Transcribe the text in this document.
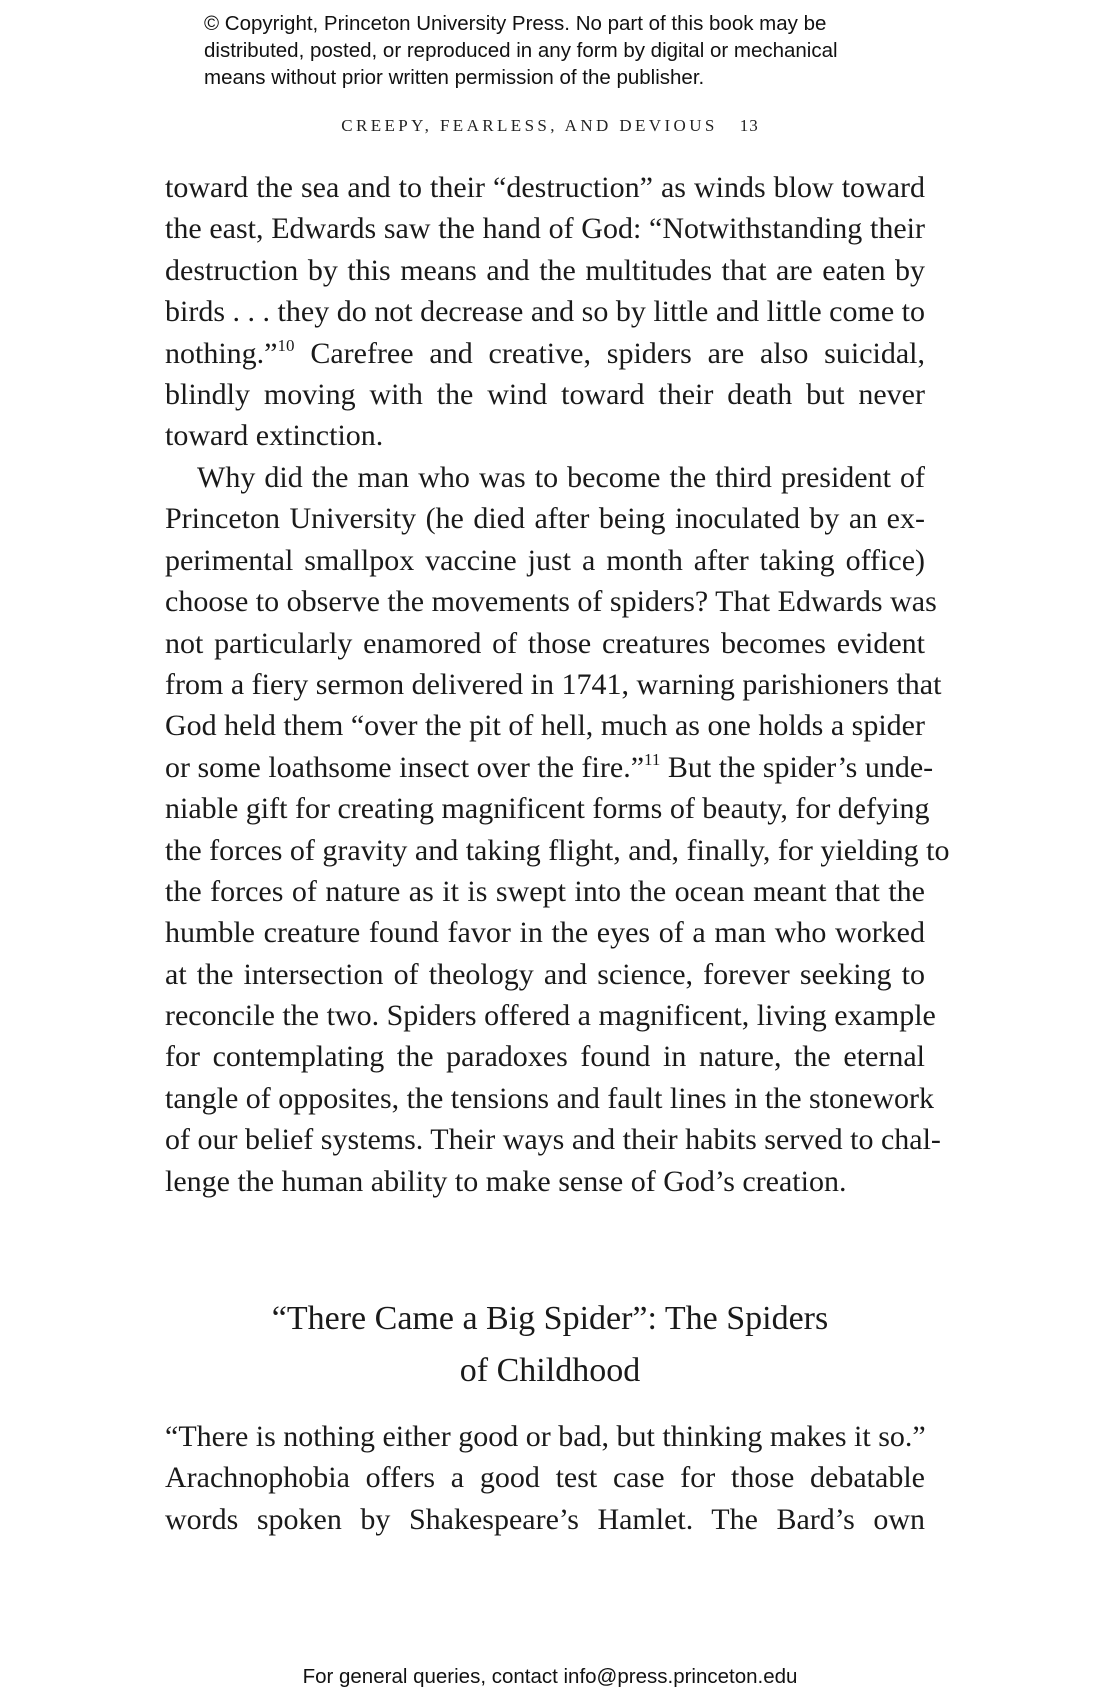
© Copyright, Princeton University Press. No part of this book may be
distributed, posted, or reproduced in any form by digital or mechanical
means without prior written permission of the publisher.
CREEPY, FEARLESS, AND DEVIOUS 13
toward the sea and to their “destruction” as winds blow toward
the east, Edwards saw the hand of God: “Notwithstanding their
destruction by this means and the multitudes that are eaten by
birds . . . they do not decrease and so by little and little come to
nothing.”$^{10}$ Carefree and creative, spiders are also suicidal,
blindly moving with the wind toward their death but never
toward extinction.
Why did the man who was to become the third president of
Princeton University (he died after being inoculated by an ex-
perimental smallpox vaccine just a month after taking office)
choose to observe the movements of spiders? That Edwards was
not particularly enamored of those creatures becomes evident
from a fiery sermon delivered in 1741, warning parishioners that
God held them “over the pit of hell, much as one holds a spider
or some loathsome insect over the fire.”$^{11}$ But the spider’s unde-
niable gift for creating magnificent forms of beauty, for defying
the forces of gravity and taking flight, and, finally, for yielding to
the forces of nature as it is swept into the ocean meant that the
humble creature found favor in the eyes of a man who worked
at the intersection of theology and science, forever seeking to
reconcile the two. Spiders offered a magnificent, living example
for contemplating the paradoxes found in nature, the eternal
tangle of opposites, the tensions and fault lines in the stonework
of our belief systems. Their ways and their habits served to chal-
lenge the human ability to make sense of God’s creation.
“There Came a Big Spider”: The Spiders
of Childhood
“There is nothing either good or bad, but thinking makes it so.”
Arachnophobia offers a good test case for those debatable
words spoken by Shakespeare’s Hamlet. The Bard’s own
For general queries, contact info@press.princeton.edu
